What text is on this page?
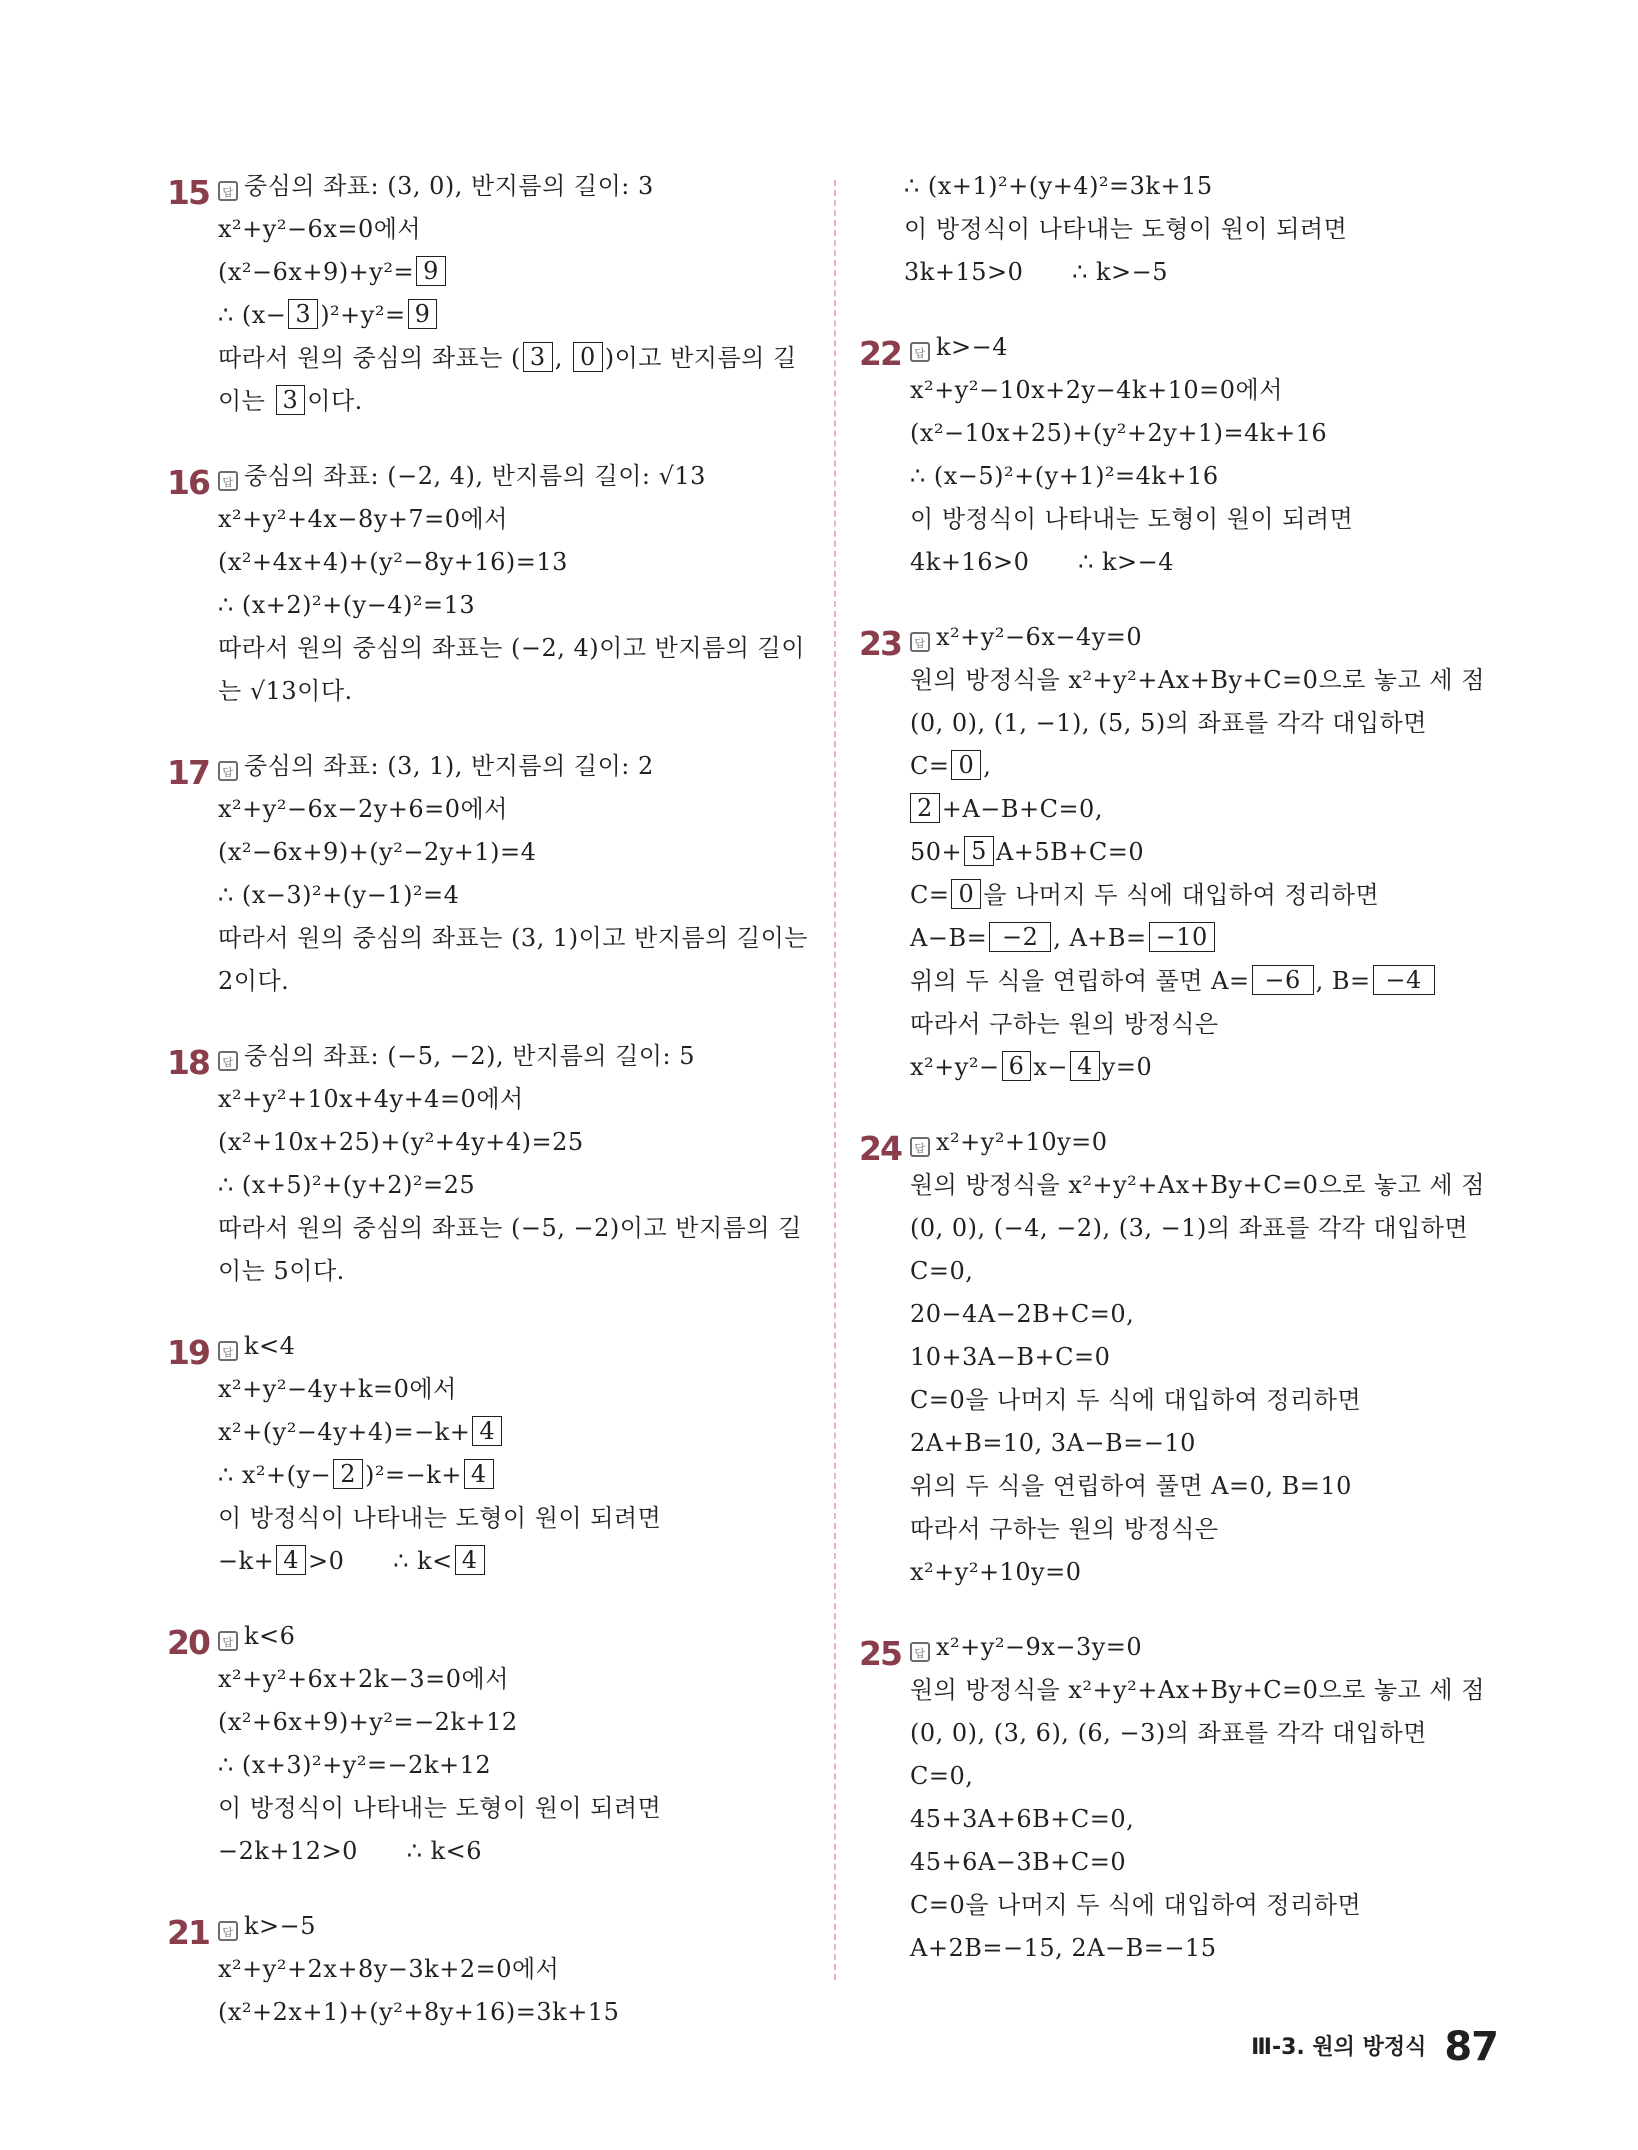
15 답	중심의 좌표: (3, 0), 반지름의 길이: 3
x²+y²−6x=0에서
(x²−6x+9)+y²= 9
∴ (x− 3 )²+y²= 9
따라서 원의 중심의 좌표는 ( 3 , 0 )이고 반지름의 길
이는 3 이다.
16 답	중심의 좌표: (−2, 4), 반지름의 길이: √13
x²+y²+4x−8y+7=0에서
(x²+4x+4)+(y²−8y+16)=13
∴ (x+2)²+(y−4)²=13
따라서 원의 중심의 좌표는 (−2, 4)이고 반지름의 길이
는 √13이다.
17 답	중심의 좌표: (3, 1), 반지름의 길이: 2
x²+y²−6x−2y+6=0에서
(x²−6x+9)+(y²−2y+1)=4
∴ (x−3)²+(y−1)²=4
따라서 원의 중심의 좌표는 (3, 1)이고 반지름의 길이는
2이다.
18 답	중심의 좌표: (−5, −2), 반지름의 길이: 5
x²+y²+10x+4y+4=0에서
(x²+10x+25)+(y²+4y+4)=25
∴ (x+5)²+(y+2)²=25
따라서 원의 중심의 좌표는 (−5, −2)이고 반지름의 길
이는 5이다.
19 답	k<4
x²+y²−4y+k=0에서
x²+(y²−4y+4)=−k+ 4
∴ x²+(y− 2 )²=−k+ 4
이 방정식이 나타내는 도형이 원이 되려면
−k+ 4 >0      ∴ k< 4
20 답	k<6
x²+y²+6x+2k−3=0에서
(x²+6x+9)+y²=−2k+12
∴ (x+3)²+y²=−2k+12
이 방정식이 나타내는 도형이 원이 되려면
−2k+12>0      ∴ k<6
21 답	k>−5
x²+y²+2x+8y−3k+2=0에서
(x²+2x+1)+(y²+8y+16)=3k+15
∴ (x+1)²+(y+4)²=3k+15
이 방정식이 나타내는 도형이 원이 되려면
3k+15>0      ∴ k>−5
22 답	k>−4
x²+y²−10x+2y−4k+10=0에서
(x²−10x+25)+(y²+2y+1)=4k+16
∴ (x−5)²+(y+1)²=4k+16
이 방정식이 나타내는 도형이 원이 되려면
4k+16>0      ∴ k>−4
23 답	x²+y²−6x−4y=0
원의 방정식을 x²+y²+Ax+By+C=0으로 놓고 세 점
(0, 0), (1, −1), (5, 5)의 좌표를 각각 대입하면
C= 0 ,
2 +A−B+C=0,
50+ 5 A+5B+C=0
C= 0 을 나머지 두 식에 대입하여 정리하면
A−B= −2 , A+B= −10
위의 두 식을 연립하여 풀면 A= −6 , B= −4
따라서 구하는 원의 방정식은
x²+y²− 6 x− 4 y=0
24 답	x²+y²+10y=0
원의 방정식을 x²+y²+Ax+By+C=0으로 놓고 세 점
(0, 0), (−4, −2), (3, −1)의 좌표를 각각 대입하면
C=0,
20−4A−2B+C=0,
10+3A−B+C=0
C=0을 나머지 두 식에 대입하여 정리하면
2A+B=10, 3A−B=−10
위의 두 식을 연립하여 풀면 A=0, B=10
따라서 구하는 원의 방정식은
x²+y²+10y=0
25 답	x²+y²−9x−3y=0
원의 방정식을 x²+y²+Ax+By+C=0으로 놓고 세 점
(0, 0), (3, 6), (6, −3)의 좌표를 각각 대입하면
C=0,
45+3A+6B+C=0,
45+6A−3B+C=0
C=0을 나머지 두 식에 대입하여 정리하면
A+2B=−15, 2A−B=−15
Ⅲ-3. 원의 방정식 87
